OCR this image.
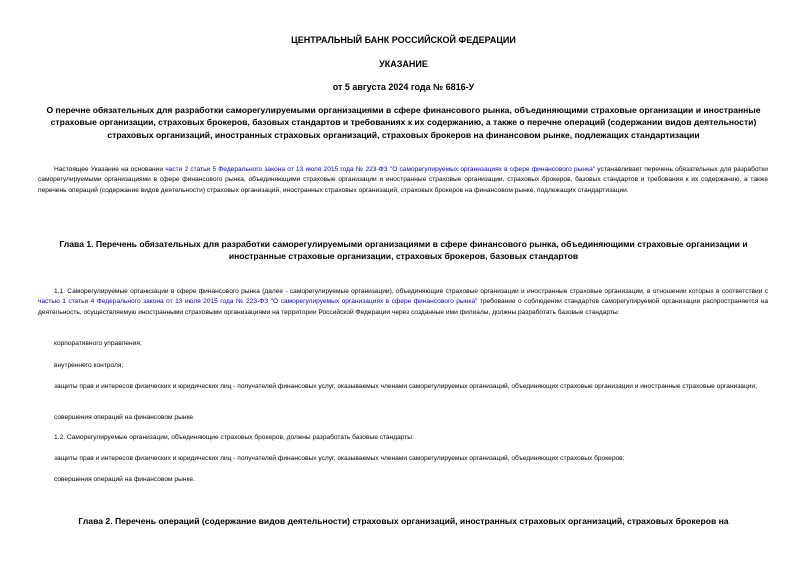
ЦЕНТРАЛЬНЫЙ БАНК РОССИЙСКОЙ ФЕДЕРАЦИИ
УКАЗАНИЕ
от 5 августа 2024 года № 6816-У
О перечне обязательных для разработки саморегулируемыми организациями в сфере финансового рынка, объединяющими страховые организации и иностранные страховые организации, страховых брокеров, базовых стандартов и требованиях к их содержанию, а также о перечне операций (содержании видов деятельности) страховых организаций, иностранных страховых организаций, страховых брокеров на финансовом рынке, подлежащих стандартизации
Настоящее Указание на основании части 2 статьи 5 Федерального закона от 13 июля 2015 года № 223-ФЗ "О саморегулируемых организациях в сфере финансового рынка" устанавливает перечень обязательных для разработки саморегулируемыми организациями в сфере финансового рынка, объединяющими страховые организации и иностранные страховые организации, страховых брокеров, базовых стандартов и требования к их содержанию, а также перечень операций (содержание видов деятельности) страховых организаций, иностранных страховых организаций, страховых брокеров на финансовом рынке, подлежащих стандартизации.
Глава 1. Перечень обязательных для разработки саморегулируемыми организациями в сфере финансового рынка, объединяющими страховые организации и иностранные страховые организации, страховых брокеров, базовых стандартов
1.1. Саморегулируемые организации в сфере финансового рынка (далее - саморегулируемые организации), объединяющие страховые организации и иностранные страховые организации, в отношении которых в соответствии с частью 1 статьи 4 Федерального закона от 13 июля 2015 года № 223-ФЗ "О саморегулируемых организациях в сфере финансового рынка" требование о соблюдении стандартов саморегулируемой организации распространяется на деятельность, осуществляемую иностранными страховыми организациями на территории Российской Федерации через созданные ими филиалы, должны разработать базовые стандарты:
корпоративного управления;
внутреннего контроля;
защиты прав и интересов физических и юридических лиц - получателей финансовых услуг, оказываемых членами саморегулируемых организаций, объединяющих страховые организации и иностранные страховые организации;
совершения операций на финансовом рынке.
1.2. Саморегулируемые организации, объединяющие страховых брокеров, должны разработать базовые стандарты:
защиты прав и интересов физических и юридических лиц - получателей финансовых услуг, оказываемых членами саморегулируемых организаций, объединяющих страховых брокеров;
совершения операций на финансовом рынке.
Глава 2. Перечень операций (содержание видов деятельности) страховых организаций, иностранных страховых организаций, страховых брокеров на
